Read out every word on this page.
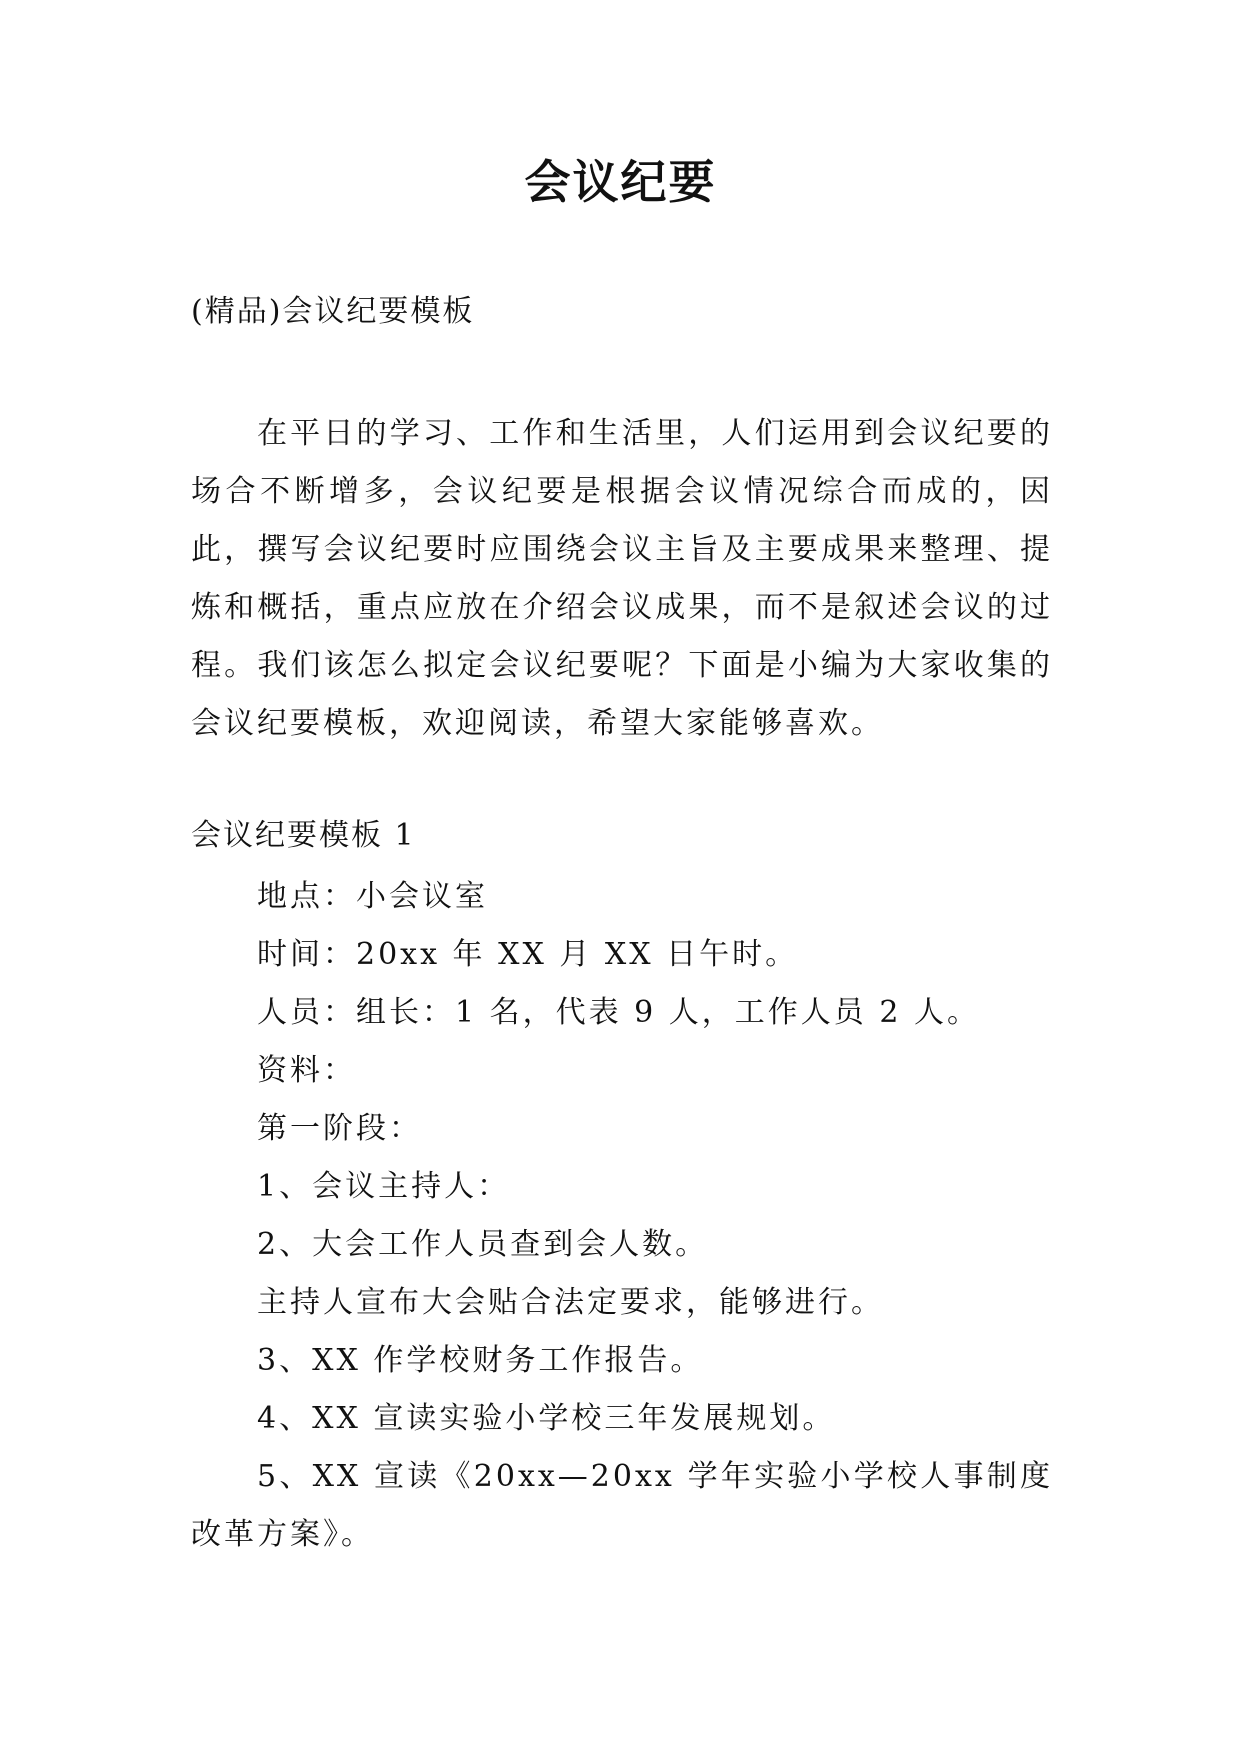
会议纪要

(精品)会议纪要模板

在平日的学习、工作和生活里，人们运用到会议纪要的场合不断增多，会议纪要是根据会议情况综合而成的，因此，撰写会议纪要时应围绕会议主旨及主要成果来整理、提炼和概括，重点应放在介绍会议成果，而不是叙述会议的过程。我们该怎么拟定会议纪要呢？下面是小编为大家收集的会议纪要模板，欢迎阅读，希望大家能够喜欢。

会议纪要模板 1

地点：小会议室
时间：20xx 年 XX 月 XX 日午时。
人员：组长：1 名，代表 9 人，工作人员 2 人。
资料：
第一阶段：
1、会议主持人：
2、大会工作人员查到会人数。
主持人宣布大会贴合法定要求，能够进行。
3、XX 作学校财务工作报告。
4、XX 宣读实验小学校三年发展规划。
5、XX 宣读《20xx—20xx 学年实验小学校人事制度改革方案》。
